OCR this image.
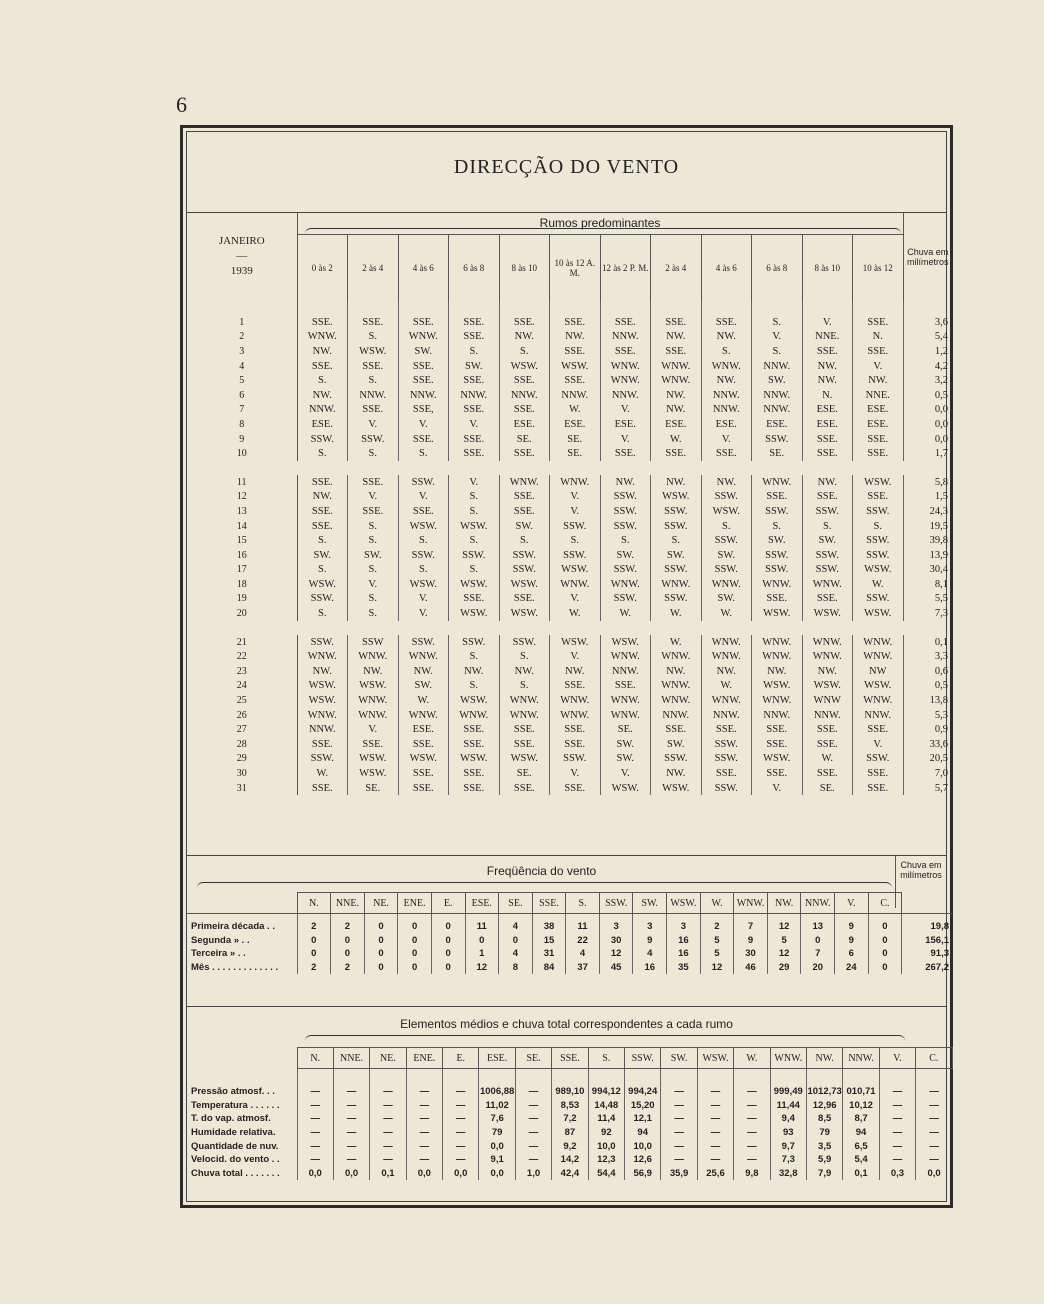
6
DIRECÇÃO DO VENTO
JANEIRO
—
1939	Rumos predominantes												Chuva em milímetros
	0 às 2	2 às 4	4 às 6	6 às 8	8 às 10	10 às 12 A. M.	12 às 2 P. M.	2 às 4	4 às 6	6 às 8	8 às 10	10 às 12	
1	SSE.	SSE.	SSE.	SSE.	SSE.	SSE.	SSE.	SSE.	SSE.	S.	V.	SSE.	3,6
2	WNW.	S.	WNW.	SSE.	NW.	NW.	NNW.	NW.	NW.	V.	NNE.	N.	5,4
3	NW.	WSW.	SW.	S.	S.	SSE.	SSE.	SSE.	S.	S.	SSE.	SSE.	1,2
4	SSE.	SSE.	SSE.	SW.	WSW.	WSW.	WNW.	WNW.	WNW.	NNW.	NW.	V.	4,2
5	S.	S.	SSE.	SSE.	SSE.	SSE.	WNW.	WNW.	NW.	SW.	NW.	NW.	3,2
6	NW.	NNW.	NNW.	NNW.	NNW.	NNW.	NNW.	NW.	NNW.	NNW.	N.	NNE.	0,5
7	NNW.	SSE.	SSE,	SSE.	SSE.	W.	V.	NW.	NNW.	NNW.	ESE.	ESE.	0,0
8	ESE.	V.	V.	V.	ESE.	ESE.	ESE.	ESE.	ESE.	ESE.	ESE.	ESE.	0,0
9	SSW.	SSW.	SSE.	SSE.	SE.	SE.	V.	W.	V.	SSW.	SSE.	SSE.	0,0
10	S.	S.	S.	SSE.	SSE.	SE.	SSE.	SSE.	SSE.	SE.	SSE.	SSE.	1,7

11	SSE.	SSE.	SSW.	V.	WNW.	WNW.	NW.	NW.	NW.	WNW.	NW.	WSW.	5,8
12	NW.	V.	V.	S.	SSE.	V.	SSW.	WSW.	SSW.	SSE.	SSE.	SSE.	1,5
13	SSE.	SSE.	SSE.	S.	SSE.	V.	SSW.	SSW.	WSW.	SSW.	SSW.	SSW.	24,3
14	SSE.	S.	WSW.	WSW.	SW.	SSW.	SSW.	SSW.	S.	S.	S.	S.	19,5
15	S.	S.	S.	S.	S.	S.	S.	S.	SSW.	SW.	SW.	SSW.	39,8
16	SW.	SW.	SSW.	SSW.	SSW.	SSW.	SW.	SW.	SW.	SSW.	SSW.	SSW.	13,9
17	S.	S.	S.	S.	SSW.	WSW.	SSW.	SSW.	SSW.	SSW.	SSW.	WSW.	30,4
18	WSW.	V.	WSW.	WSW.	WSW.	WNW.	WNW.	WNW.	WNW.	WNW.	WNW.	W.	8,1
19	SSW.	S.	V.	SSE.	SSE.	V.	SSW.	SSW.	SW.	SSE.	SSE.	SSW.	5,5
20	S.	S.	V.	WSW.	WSW.	W.	W.	W.	W.	WSW.	WSW.	WSW.	7,3

21	SSW.	SSW	SSW.	SSW.	SSW.	WSW.	WSW.	W.	WNW.	WNW.	WNW.	WNW.	0,1
22	WNW.	WNW.	WNW.	S.	S.	V.	WNW.	WNW.	WNW.	WNW.	WNW.	WNW.	3,3
23	NW.	NW.	NW.	NW.	NW.	NW.	NNW.	NW.	NW.	NW.	NW.	NW	0,6
24	WSW.	WSW.	SW.	S.	S.	SSE.	SSE.	WNW.	W.	WSW.	WSW.	WSW.	0,5
25	WSW.	WNW.	W.	WSW.	WNW.	WNW.	WNW.	WNW.	WNW.	WNW.	WNW	WNW.	13,8
26	WNW.	WNW.	WNW.	WNW.	WNW.	WNW.	WNW.	NNW.	NNW.	NNW.	NNW.	NNW.	5,3
27	NNW.	V.	ESE.	SSE.	SSE.	SSE.	SE.	SSE.	SSE.	SSE.	SSE.	SSE.	0,9
28	SSE.	SSE.	SSE.	SSE.	SSE.	SSE.	SW.	SW.	SSW.	SSE.	SSE.	V.	33,6
29	SSW.	WSW.	WSW.	WSW.	WSW.	SSW.	SW.	SSW.	SSW.	WSW.	W.	SSW.	20,5
30	W.	WSW.	SSE.	SSE.	SE.	V.	V.	NW.	SSE.	SSE.	SSE.	SSE.	7,0
31	SSE.	SE.	SSE.	SSE.	SSE.	SSE.	WSW.	WSW.	SSW.	V.	SE.	SSE.	5,7
Freqüência do vento	Chuva em milímetros
	N.	NNE.	NE.	ENE.	E.	ESE.	SE.	SSE.	S.	SSW.	SW.	WSW.	W.	WNW.	NW.	NNW.	V.	C.	
Primeira década . .	2	2	0	0	0	11	4	38	11	3	3	3	2	7	12	13	9	0	19,8
Segunda » . .	0	0	0	0	0	0	0	15	22	30	9	16	5	9	5	0	9	0	156,1
Terceira » . .	0	0	0	0	0	1	4	31	4	12	4	16	5	30	12	7	6	0	91,3
Mês . . . . . . . . . . . . .	2	2	0	0	0	12	8	84	37	45	16	35	12	46	29	20	24	0	267,2
Elementos médios e chuva total correspondentes a cada rumo
	N.	NNE.	NE.	ENE.	E.	ESE.	SE.	SSE.	S.	SSW.	SW.	WSW.	W.	WNW.	NW.	NNW.	V.	C.
Pressão atmosf. . .	—	—	—	—	—	1006,88	—	989,10	994,12	994,24	—	—	—	999,49	1012,73	010,71	—	—
Temperatura . . . . . .	—	—	—	—	—	11,02	—	8,53	14,48	15,20	—	—	—	11,44	12,96	10,12	—	—
T. do vap. atmosf.	—	—	—	—	—	7,6	—	7,2	11,4	12,1	—	—	—	9,4	8,5	8,7	—	—
Humidade relativa.	—	—	—	—	—	79	—	87	92	94	—	—	—	93	79	94	—	—
Quantidade de nuv.	—	—	—	—	—	0,0	—	9,2	10,0	10,0	—	—	—	9,7	3,5	6,5	—	—
Velocid. do vento . .	—	—	—	—	—	9,1	—	14,2	12,3	12,6	—	—	—	7,3	5,9	5,4	—	—
Chuva total . . . . . . .	0,0	0,0	0,1	0,0	0,0	0,0	1,0	42,4	54,4	56,9	35,9	25,6	9,8	32,8	7,9	0,1	0,3	0,0
